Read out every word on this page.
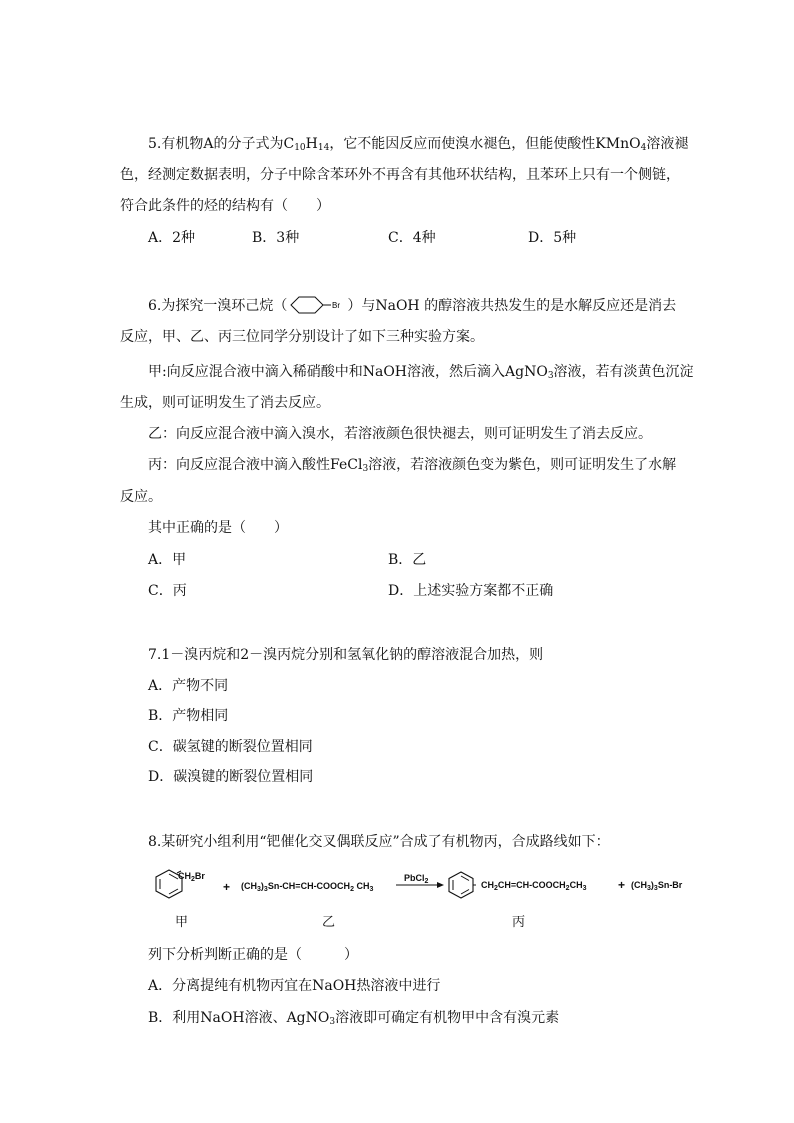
5.有机物A的分子式为$C_{10}H_{14}$，它不能因反应而使溴水褪色，但能使酸性KMnO$_4$溶液褪
色，经测定数据表明，分子中除含苯环外不再含有其他环状结构，且苯环上只有一个侧链，
符合此条件的烃的结构有（　　）
A．2种	B．3种	C．4种	D．5种
6.为探究一溴环己烷（	Br ）与NaOH 的醇溶液共热发生的是水解反应还是消去
反应，甲、乙、丙三位同学分别设计了如下三种实验方案。
甲:向反应混合液中滴入稀硝酸中和NaOH溶液，然后滴入AgNO$_3$溶液，若有淡黄色沉淀
生成，则可证明发生了消去反应。
乙：向反应混合液中滴入溴水，若溶液颜色很快褪去，则可证明发生了消去反应。
丙：向反应混合液中滴入酸性FeCl$_3$溶液，若溶液颜色变为紫色，则可证明发生了水解
反应。
其中正确的是（　　）
A．甲	B．乙
C．丙	D．上述实验方案都不正确
7.1－溴丙烷和2－溴丙烷分别和氢氧化钠的醇溶液混合加热，则
A．产物不同
B．产物相同
C．碳氢键的断裂位置相同
D．碳溴键的断裂位置相同
8.某研究小组利用“钯催化交叉偶联反应”合成了有机物丙，合成路线如下：
$CH_2Br$
+ $(CH_3)_3Sn-CH=CH-COOCH_2$ $CH_3$
PbCl$_2$	$CH_2CH=CH-COOCH_2CH_3$	+ $(CH_3)_3Sn-Br$
甲	乙	丙
列下分析判断正确的是（　　　）
A．分离提纯有机物丙宜在NaOH热溶液中进行
B．利用NaOH溶液、AgNO$_3$溶液即可确定有机物甲中含有溴元素
